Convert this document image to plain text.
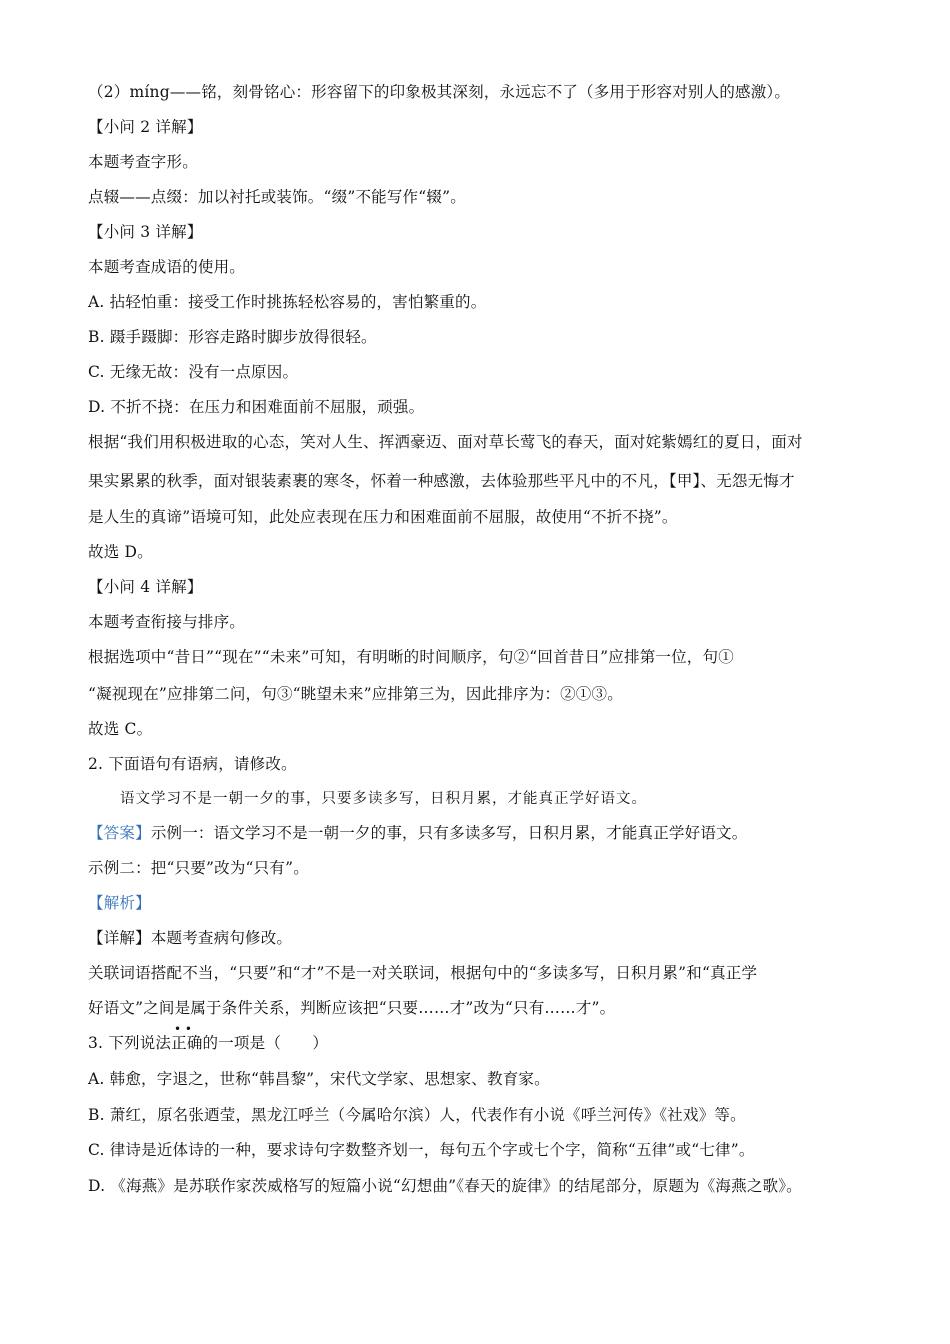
（2）míng——铭，刻骨铭心：形容留下的印象极其深刻，永远忘不了（多用于形容对别人的感激）。
【小问 2 详解】
本题考查字形。
点辍——点缀：加以衬托或装饰。“缀”不能写作“辍”。
【小问 3 详解】
本题考查成语的使用。
A. 拈轻怕重：接受工作时挑拣轻松容易的，害怕繁重的。
B. 蹑手蹑脚：形容走路时脚步放得很轻。
C. 无缘无故：没有一点原因。
D. 不折不挠：在压力和困难面前不屈服，顽强。
根据“我们用积极进取的心态，笑对人生、挥洒豪迈、面对草长莺飞的春天，面对姹紫嫣红的夏日，面对
果实累累的秋季，面对银装素裹的寒冬，怀着一种感激，去体验那些平凡中的不凡，【甲】、无怨无悔才
是人生的真谛”语境可知，此处应表现在压力和困难面前不屈服，故使用“不折不挠”。
故选 D。
【小问 4 详解】
本题考查衔接与排序。
根据选项中“昔日”“现在”“未来”可知，有明晰的时间顺序，句②“回首昔日”应排第一位，句①
“凝视现在”应排第二问，句③“眺望未来”应排第三为，因此排序为：②①③。
故选 C。
2. 下面语句有语病，请修改。
语文学习不是一朝一夕的事，只要多读多写，日积月累，才能真正学好语文。
【答案】示例一：语文学习不是一朝一夕的事，只有多读多写，日积月累，才能真正学好语文。
示例二：把“只要”改为“只有”。
【解析】
【详解】本题考查病句修改。
关联词语搭配不当，“只要”和“才”不是一对关联词，根据句中的“多读多写，日积月累”和“真正学
好语文”之间是属于条件关系，判断应该把“只要……才”改为“只有……才”。
• •
3. 下列说法正确的一项是（　　）
A. 韩愈，字退之，世称“韩昌黎”，宋代文学家、思想家、教育家。
B. 萧红，原名张迺莹，黑龙江呼兰（今属哈尔滨）人，代表作有小说《呼兰河传》《社戏》等。
C. 律诗是近体诗的一种，要求诗句字数整齐划一，每句五个字或七个字，简称“五律”或“七律”。
D. 《海燕》是苏联作家茨威格写的短篇小说“幻想曲”《春天的旋律》的结尾部分，原题为《海燕之歌》。
